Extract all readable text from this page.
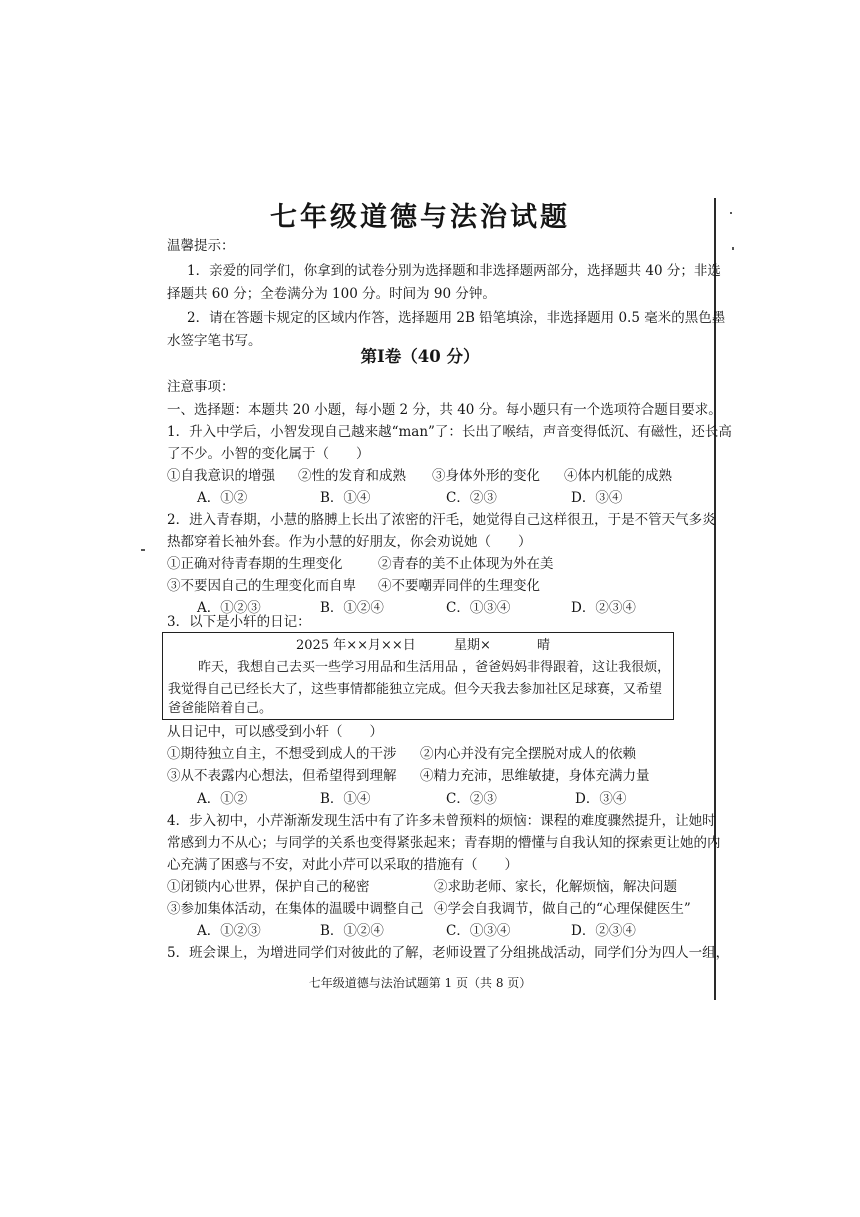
七年级道德与法治试题
温馨提示：
1．亲爱的同学们，你拿到的试卷分别为选择题和非选择题两部分，选择题共 40 分；非选
择题共 60 分；全卷满分为 100 分。时间为 90 分钟。
2．请在答题卡规定的区域内作答，选择题用 2B 铅笔填涂，非选择题用 0.5 毫米的黑色墨
水签字笔书写。
第Ⅰ卷（40 分）
注意事项：
一、选择题：本题共 20 小题，每小题 2 分，共 40 分。每小题只有一个选项符合题目要求。
1．升入中学后，小智发现自己越来越“man”了：长出了喉结，声音变得低沉、有磁性，还长高
了不少。小智的变化属于（　　）
①自我意识的增强 ②性的发育和成熟 ③身体外形的变化 ④体内机能的成熟
A．①②	B．①④	C．②③	D．③④
2．进入青春期，小慧的胳膊上长出了浓密的汗毛，她觉得自己这样很丑，于是不管天气多炎
热都穿着长袖外套。作为小慧的好朋友，你会劝说她（　　）
①正确对待青春期的生理变化	②青春的美不止体现为外在美
③不要因自己的生理变化而自卑 ④不要嘲弄同伴的生理变化
A．①②③	B．①②④	C．①③④	D．②③④
3．以下是小轩的日记：
2025 年××月××日	星期×	晴
昨天，我想自己去买一些学习用品和生活用品 ，爸爸妈妈非得跟着，这让我很烦，
我觉得自己已经长大了，这些事情都能独立完成。但今天我去参加社区足球赛，又希望
爸爸能陪着自己。
从日记中，可以感受到小轩（　　）
①期待独立自主，不想受到成人的干涉 ②内心并没有完全摆脱对成人的依赖
③从不表露内心想法，但希望得到理解 ④精力充沛，思维敏捷，身体充满力量
A．①②	B．①④	C．②③	D．③④
4．步入初中，小芹渐渐发现生活中有了许多未曾预料的烦恼：课程的难度骤然提升，让她时
常感到力不从心；与同学的关系也变得紧张起来；青春期的懵懂与自我认知的探索更让她的内
心充满了困惑与不安，对此小芹可以采取的措施有（　　）
①闭锁内心世界，保护自己的秘密	②求助老师、家长，化解烦恼，解决问题
③参加集体活动，在集体的温暖中调整自己 ④学会自我调节，做自己的“心理保健医生”
A．①②③	B．①②④	C．①③④	D．②③④
5．班会课上，为增进同学们对彼此的了解，老师设置了分组挑战活动，同学们分为四人一组，
七年级道德与法治试题第 1 页（共 8 页）
